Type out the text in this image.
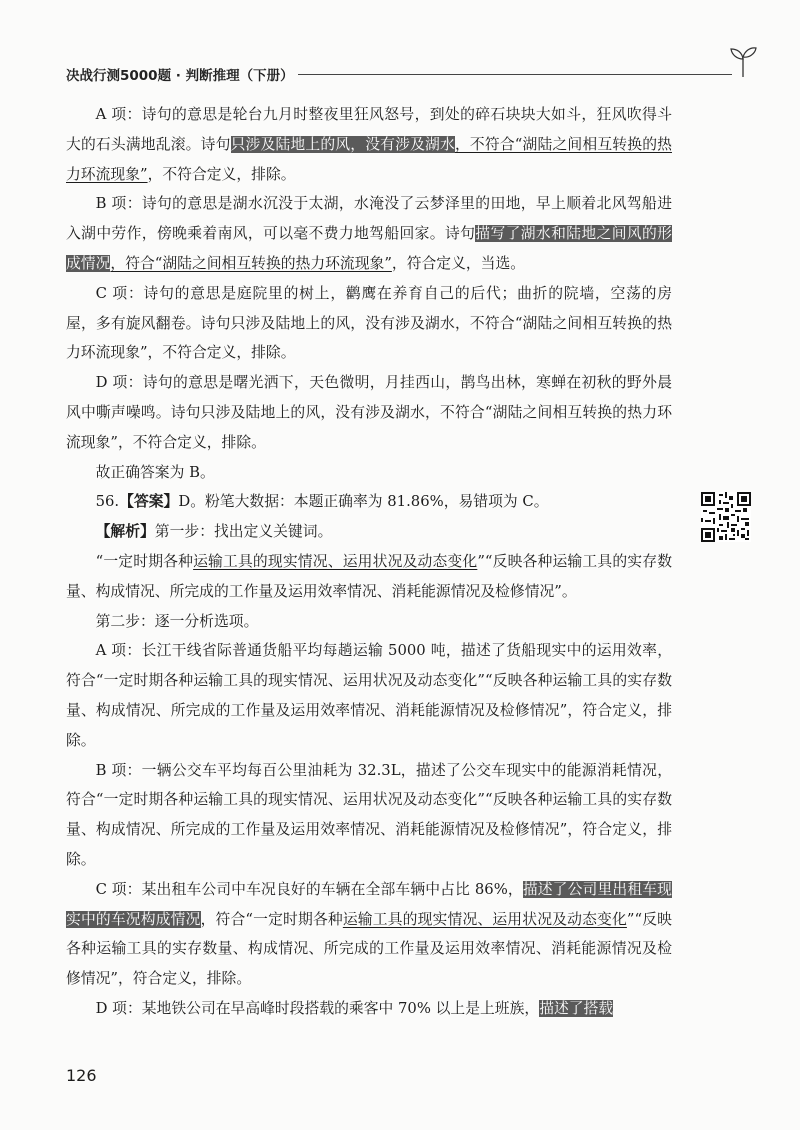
决战行测5000题 · 判断推理（下册）

A 项：诗句的意思是轮台九月时整夜里狂风怒号，到处的碎石块块大如斗，狂风吹得斗大的石头满地乱滚。诗句只涉及陆地上的风，没有涉及湖水，不符合“湖陆之间相互转换的热力环流现象”，不符合定义，排除。

B 项：诗句的意思是湖水沉没于太湖，水淹没了云梦泽里的田地，早上顺着北风驾船进入湖中劳作，傍晚乘着南风，可以毫不费力地驾船回家。诗句描写了湖水和陆地之间风的形成情况，符合“湖陆之间相互转换的热力环流现象”，符合定义，当选。

C 项：诗句的意思是庭院里的树上，鹳鹰在养育自己的后代；曲折的院墙，空荡的房屋，多有旋风翻卷。诗句只涉及陆地上的风，没有涉及湖水，不符合“湖陆之间相互转换的热力环流现象”，不符合定义，排除。

D 项：诗句的意思是曙光洒下，天色微明，月挂西山，鹊鸟出林，寒蝉在初秋的野外晨风中嘶声噪鸣。诗句只涉及陆地上的风，没有涉及湖水，不符合“湖陆之间相互转换的热力环流现象”，不符合定义，排除。

故正确答案为 B。

56.【答案】D。粉笔大数据：本题正确率为 81.86%，易错项为 C。

【解析】第一步：找出定义关键词。

“一定时期各种运输工具的现实情况、运用状况及动态变化”“反映各种运输工具的实存数量、构成情况、所完成的工作量及运用效率情况、消耗能源情况及检修情况”。

第二步：逐一分析选项。

A 项：长江干线省际普通货船平均每趟运输 5000 吨，描述了货船现实中的运用效率，符合“一定时期各种运输工具的现实情况、运用状况及动态变化”“反映各种运输工具的实存数量、构成情况、所完成的工作量及运用效率情况、消耗能源情况及检修情况”，符合定义，排除。

B 项：一辆公交车平均每百公里油耗为 32.3L，描述了公交车现实中的能源消耗情况，符合“一定时期各种运输工具的现实情况、运用状况及动态变化”“反映各种运输工具的实存数量、构成情况、所完成的工作量及运用效率情况、消耗能源情况及检修情况”，符合定义，排除。

C 项：某出租车公司中车况良好的车辆在全部车辆中占比 86%，描述了公司里出租车现实中的车况构成情况，符合“一定时期各种运输工具的现实情况、运用状况及动态变化”“反映各种运输工具的实存数量、构成情况、所完成的工作量及运用效率情况、消耗能源情况及检修情况”，符合定义，排除。

D 项：某地铁公司在早高峰时段搭载的乘客中 70% 以上是上班族，描述了搭载

126
